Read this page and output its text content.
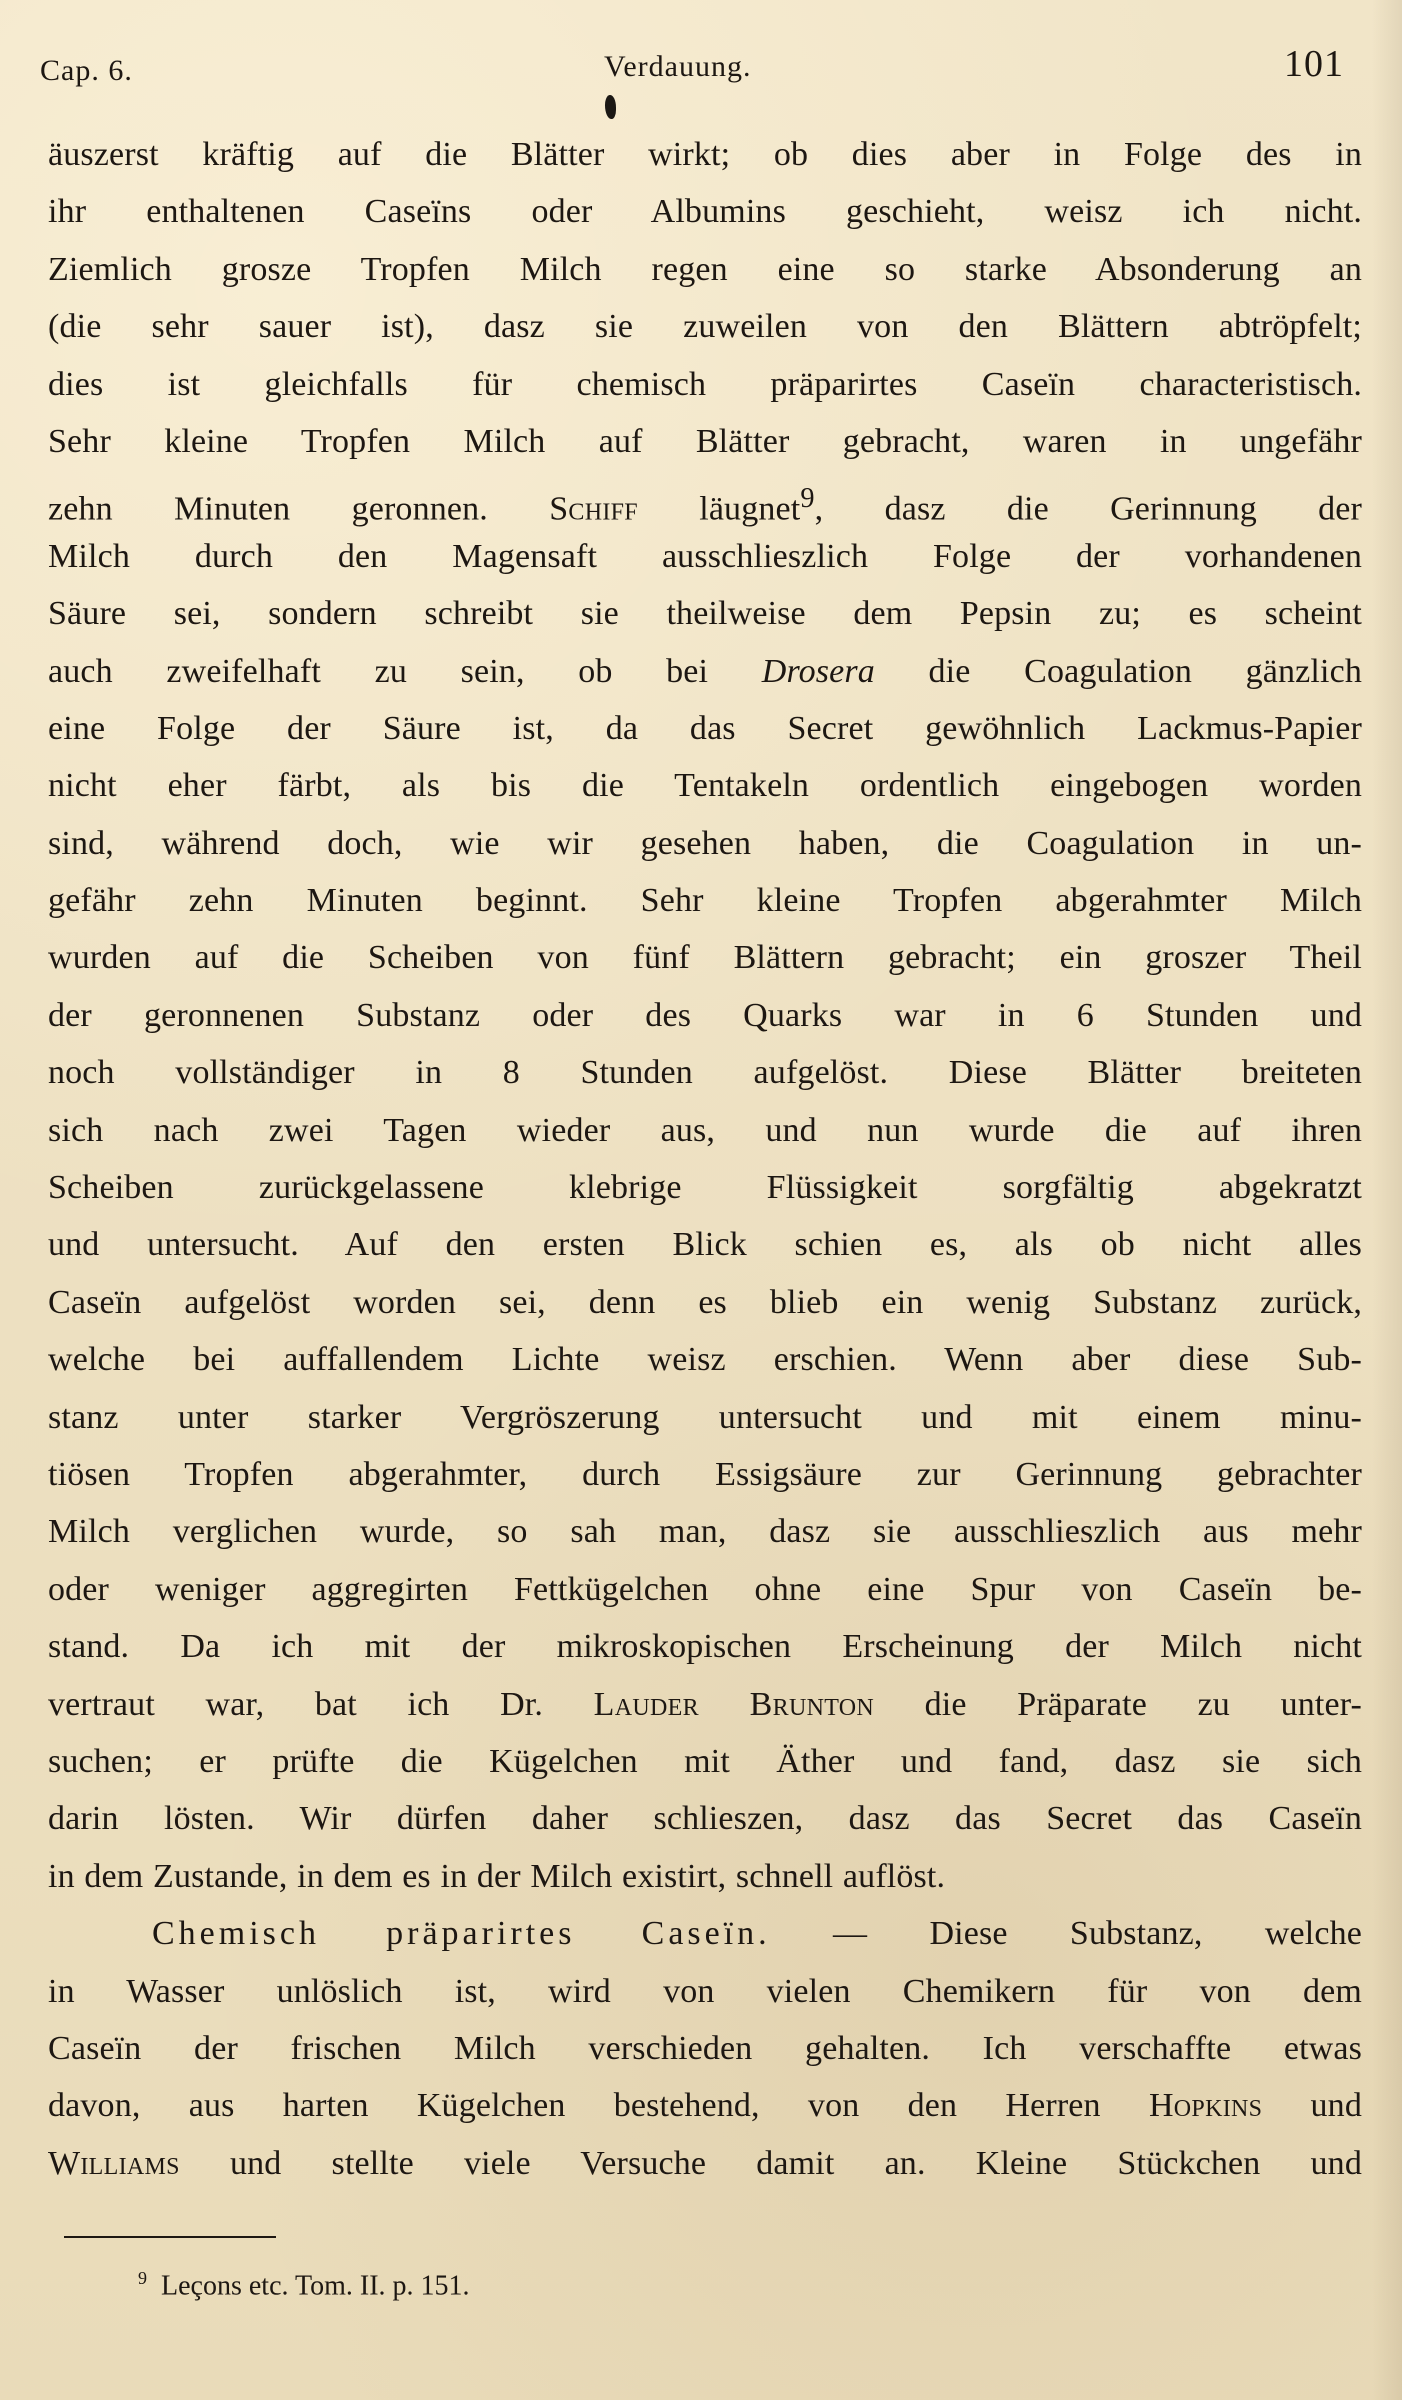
Cap. 6.	Verdauung.	101
äuszerst kräftig auf die Blätter wirkt; ob dies aber in Folge des in
ihr enthaltenen Caseïns oder Albumins geschieht, weisz ich nicht.
Ziemlich grosze Tropfen Milch regen eine so starke Absonderung an
(die sehr sauer ist), dasz sie zuweilen von den Blättern abtröpfelt;
dies ist gleichfalls für chemisch präparirtes Caseïn characteristisch.
Sehr kleine Tropfen Milch auf Blätter gebracht, waren in ungefähr
zehn Minuten geronnen. Schiff läugnet$^9$, dasz die Gerinnung der
Milch durch den Magensaft ausschlieszlich Folge der vorhandenen
Säure sei, sondern schreibt sie theilweise dem Pepsin zu; es scheint
auch zweifelhaft zu sein, ob bei Drosera die Coagulation gänzlich
eine Folge der Säure ist, da das Secret gewöhnlich Lackmus-Papier
nicht eher färbt, als bis die Tentakeln ordentlich eingebogen worden
sind, während doch, wie wir gesehen haben, die Coagulation in un-
gefähr zehn Minuten beginnt. Sehr kleine Tropfen abgerahmter Milch
wurden auf die Scheiben von fünf Blättern gebracht; ein groszer Theil
der geronnenen Substanz oder des Quarks war in 6 Stunden und
noch vollständiger in 8 Stunden aufgelöst. Diese Blätter breiteten
sich nach zwei Tagen wieder aus, und nun wurde die auf ihren
Scheiben zurückgelassene klebrige Flüssigkeit sorgfältig abgekratzt
und untersucht. Auf den ersten Blick schien es, als ob nicht alles
Caseïn aufgelöst worden sei, denn es blieb ein wenig Substanz zurück,
welche bei auffallendem Lichte weisz erschien. Wenn aber diese Sub-
stanz unter starker Vergröszerung untersucht und mit einem minu-
tiösen Tropfen abgerahmter, durch Essigsäure zur Gerinnung gebrachter
Milch verglichen wurde, so sah man, dasz sie ausschlieszlich aus mehr
oder weniger aggregirten Fettkügelchen ohne eine Spur von Caseïn be-
stand. Da ich mit der mikroskopischen Erscheinung der Milch nicht
vertraut war, bat ich Dr. Lauder Brunton die Präparate zu unter-
suchen; er prüfte die Kügelchen mit Äther und fand, dasz sie sich
darin lösten. Wir dürfen daher schlieszen, dasz das Secret das Caseïn
in dem Zustande, in dem es in der Milch existirt, schnell auflöst.
Chemisch präparirtes Caseïn. — Diese Substanz, welche
in Wasser unlöslich ist, wird von vielen Chemikern für von dem
Caseïn der frischen Milch verschieden gehalten. Ich verschaffte etwas
davon, aus harten Kügelchen bestehend, von den Herren Hopkins und
Williams und stellte viele Versuche damit an. Kleine Stückchen und
$^9$ Leçons etc. Tom. II. p. 151.
